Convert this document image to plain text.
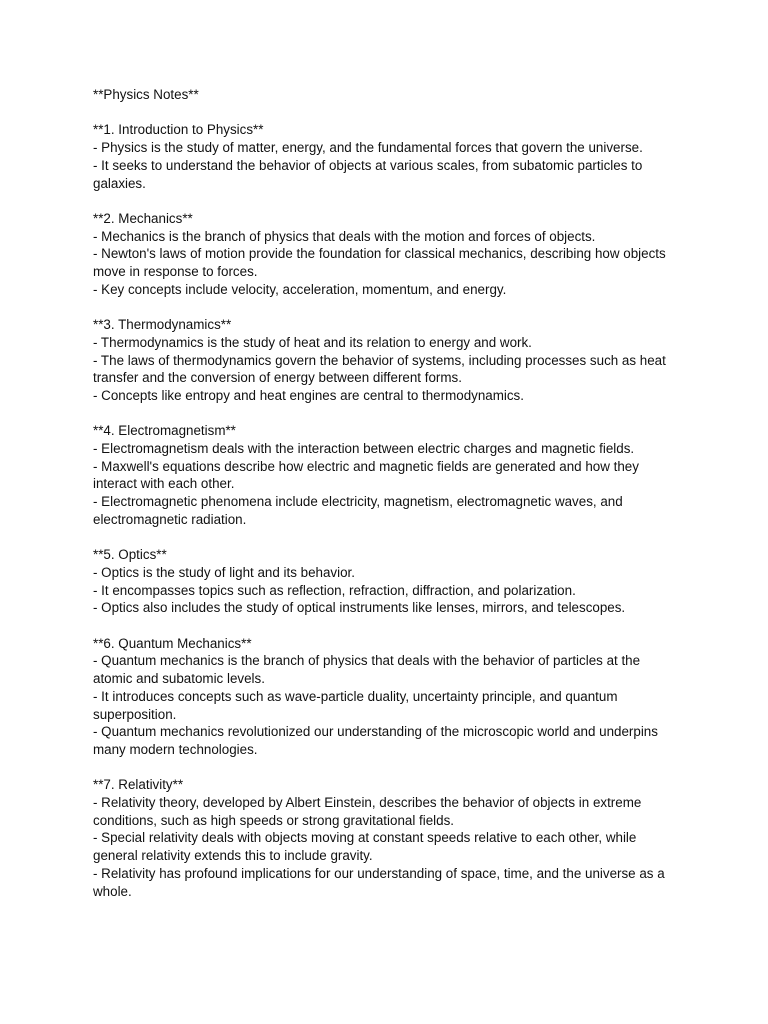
**Physics Notes**

**1. Introduction to Physics**

- Physics is the study of matter, energy, and the fundamental forces that govern the universe.

- It seeks to understand the behavior of objects at various scales, from subatomic particles to galaxies.

**2. Mechanics**

- Mechanics is the branch of physics that deals with the motion and forces of objects.

- Newton's laws of motion provide the foundation for classical mechanics, describing how objects move in response to forces.

- Key concepts include velocity, acceleration, momentum, and energy.

**3. Thermodynamics**

- Thermodynamics is the study of heat and its relation to energy and work.

- The laws of thermodynamics govern the behavior of systems, including processes such as heat transfer and the conversion of energy between different forms.

- Concepts like entropy and heat engines are central to thermodynamics.

**4. Electromagnetism**

- Electromagnetism deals with the interaction between electric charges and magnetic fields.

- Maxwell's equations describe how electric and magnetic fields are generated and how they interact with each other.

- Electromagnetic phenomena include electricity, magnetism, electromagnetic waves, and electromagnetic radiation.

**5. Optics**

- Optics is the study of light and its behavior.

- It encompasses topics such as reflection, refraction, diffraction, and polarization.

- Optics also includes the study of optical instruments like lenses, mirrors, and telescopes.

**6. Quantum Mechanics**

- Quantum mechanics is the branch of physics that deals with the behavior of particles at the atomic and subatomic levels.

- It introduces concepts such as wave-particle duality, uncertainty principle, and quantum superposition.

- Quantum mechanics revolutionized our understanding of the microscopic world and underpins many modern technologies.

**7. Relativity**

- Relativity theory, developed by Albert Einstein, describes the behavior of objects in extreme conditions, such as high speeds or strong gravitational fields.

- Special relativity deals with objects moving at constant speeds relative to each other, while general relativity extends this to include gravity.

- Relativity has profound implications for our understanding of space, time, and the universe as a whole.
